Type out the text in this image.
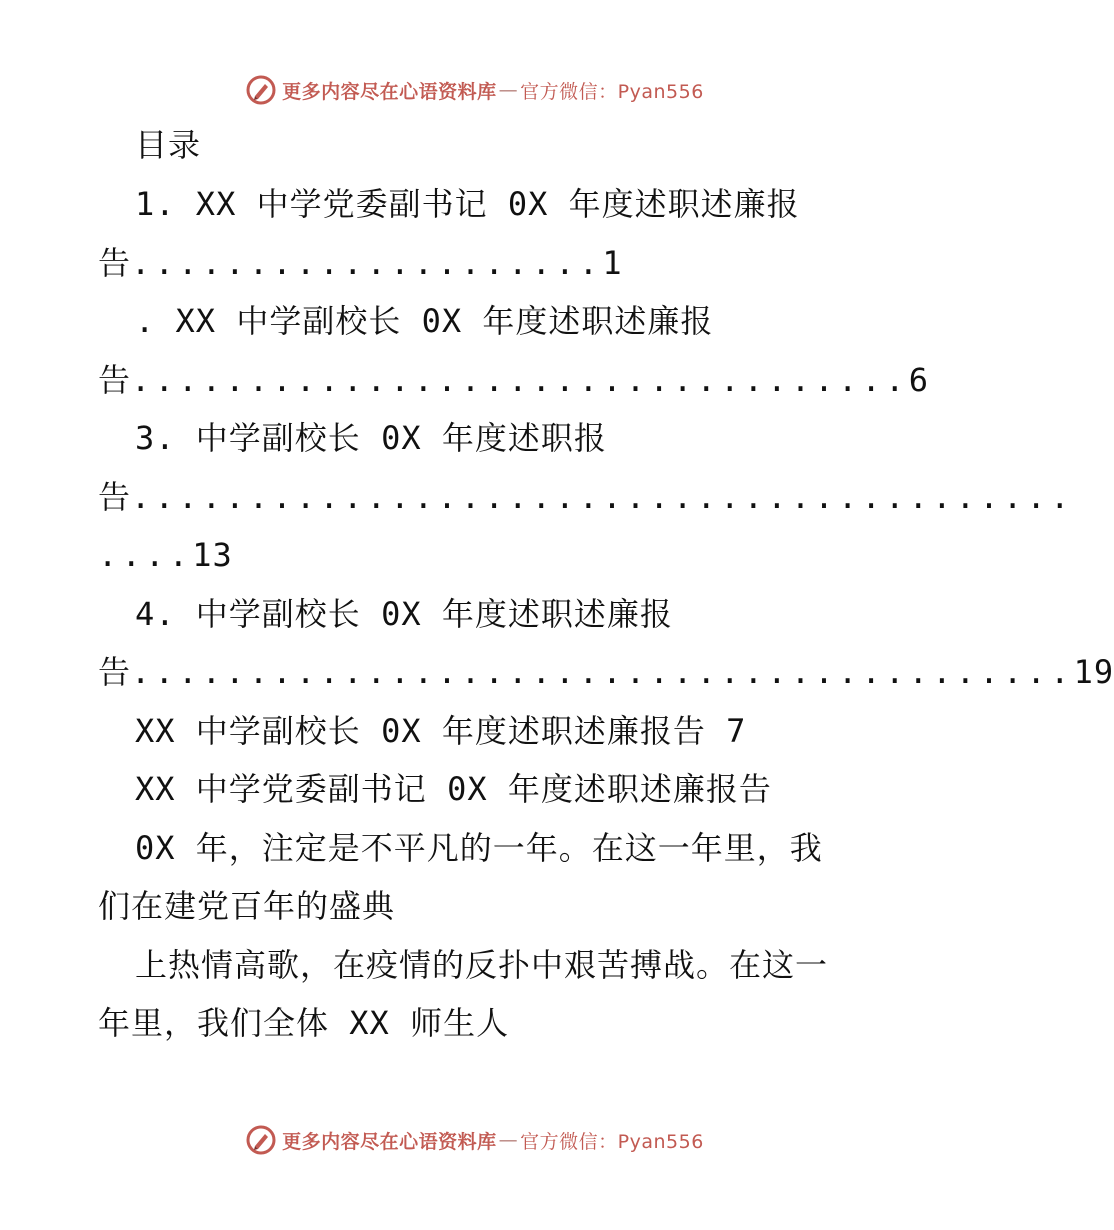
更多内容尽在心语资料库 — 官方微信：Pyan556
目录
1. XX 中学党委副书记 0X 年度述职述廉报
告....................1
. XX 中学副校长 0X 年度述职述廉报
告.................................6
3. 中学副校长 0X 年度述职报
告........................................
....13
4. 中学副校长 0X 年度述职述廉报
告........................................19
XX 中学副校长 0X 年度述职述廉报告 7
XX 中学党委副书记 0X 年度述职述廉报告
0X 年，注定是不平凡的一年。在这一年里，我
们在建党百年的盛典
上热情高歌，在疫情的反扑中艰苦搏战。在这一
年里，我们全体 XX 师生人
更多内容尽在心语资料库 — 官方微信：Pyan556
